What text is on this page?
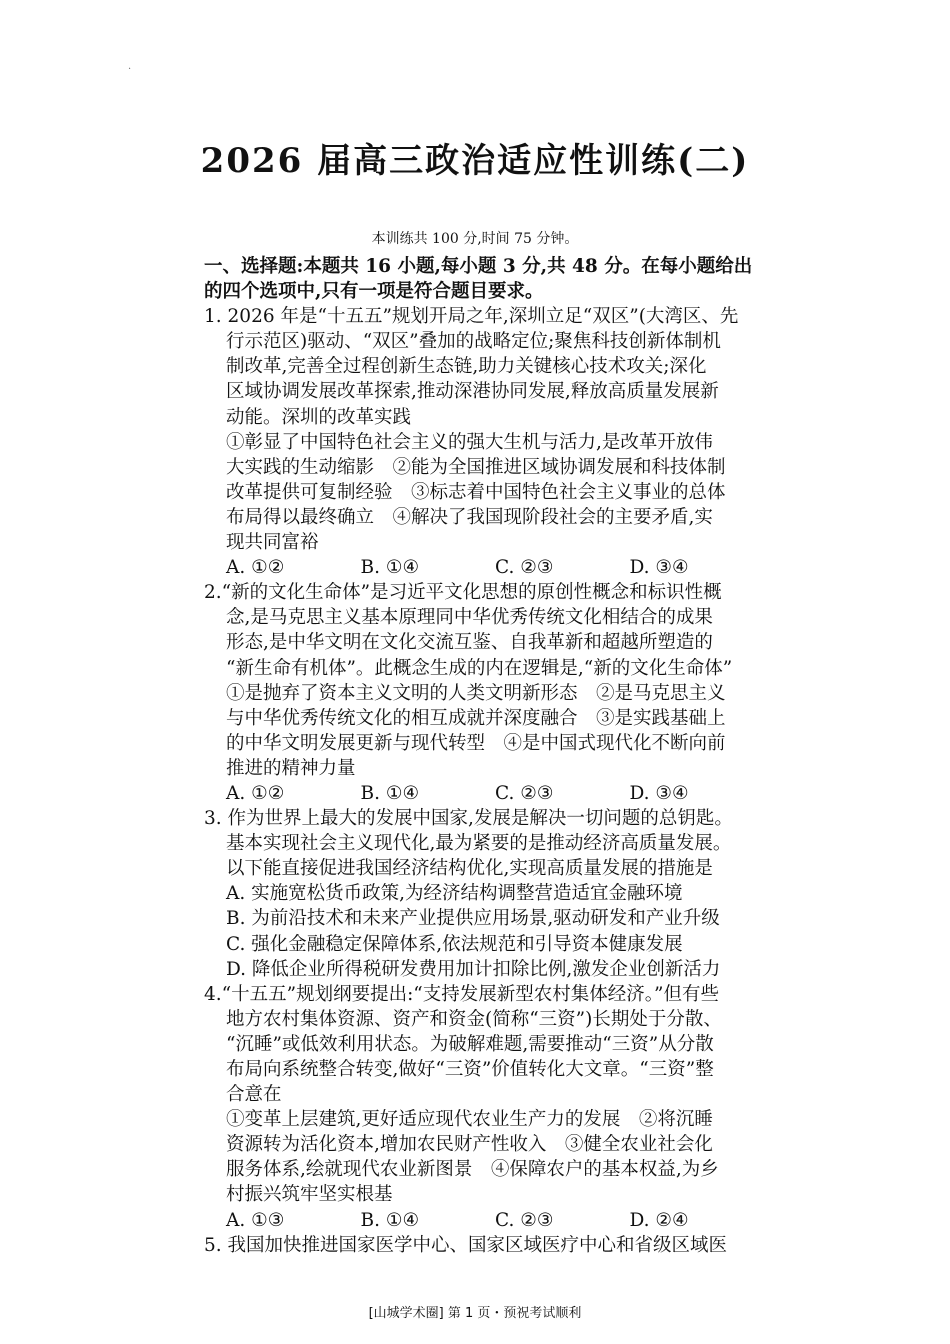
·
2026 届高三政治适应性训练(二)
本训练共 100 分,时间 75 分钟。
一、选择题:本题共 16 小题,每小题 3 分,共 48 分。在每小题给出
的四个选项中,只有一项是符合题目要求。
1. 2026 年是“十五五”规划开局之年,深圳立足“双区”(大湾区、先
行示范区)驱动、“双区”叠加的战略定位;聚焦科技创新体制机
制改革,完善全过程创新生态链,助力关键核心技术攻关;深化
区域协调发展改革探索,推动深港协同发展,释放高质量发展新
动能。深圳的改革实践
①彰显了中国特色社会主义的强大生机与活力,是改革开放伟
大实践的生动缩影　②能为全国推进区域协调发展和科技体制
改革提供可复制经验　③标志着中国特色社会主义事业的总体
布局得以最终确立　④解决了我国现阶段社会的主要矛盾,实
现共同富裕
A. ①②	B. ①④	C. ②③	D. ③④
2.“新的文化生命体”是习近平文化思想的原创性概念和标识性概
念,是马克思主义基本原理同中华优秀传统文化相结合的成果
形态,是中华文明在文化交流互鉴、自我革新和超越所塑造的
“新生命有机体”。此概念生成的内在逻辑是,“新的文化生命体”
①是抛弃了资本主义文明的人类文明新形态　②是马克思主义
与中华优秀传统文化的相互成就并深度融合　③是实践基础上
的中华文明发展更新与现代转型　④是中国式现代化不断向前
推进的精神力量
A. ①②	B. ①④	C. ②③	D. ③④
3. 作为世界上最大的发展中国家,发展是解决一切问题的总钥匙。
基本实现社会主义现代化,最为紧要的是推动经济高质量发展。
以下能直接促进我国经济结构优化,实现高质量发展的措施是
A. 实施宽松货币政策,为经济结构调整营造适宜金融环境
B. 为前沿技术和未来产业提供应用场景,驱动研发和产业升级
C. 强化金融稳定保障体系,依法规范和引导资本健康发展
D. 降低企业所得税研发费用加计扣除比例,激发企业创新活力
4.“十五五”规划纲要提出:“支持发展新型农村集体经济。”但有些
地方农村集体资源、资产和资金(简称“三资”)长期处于分散、
“沉睡”或低效利用状态。为破解难题,需要推动“三资”从分散
布局向系统整合转变,做好“三资”价值转化大文章。“三资”整
合意在
①变革上层建筑,更好适应现代农业生产力的发展　②将沉睡
资源转为活化资本,增加农民财产性收入　③健全农业社会化
服务体系,绘就现代农业新图景　④保障农户的基本权益,为乡
村振兴筑牢坚实根基
A. ①③	B. ①④	C. ②③	D. ②④
5. 我国加快推进国家医学中心、国家区域医疗中心和省级区域医
[山城学术圈] 第 1 页・预祝考试顺利
